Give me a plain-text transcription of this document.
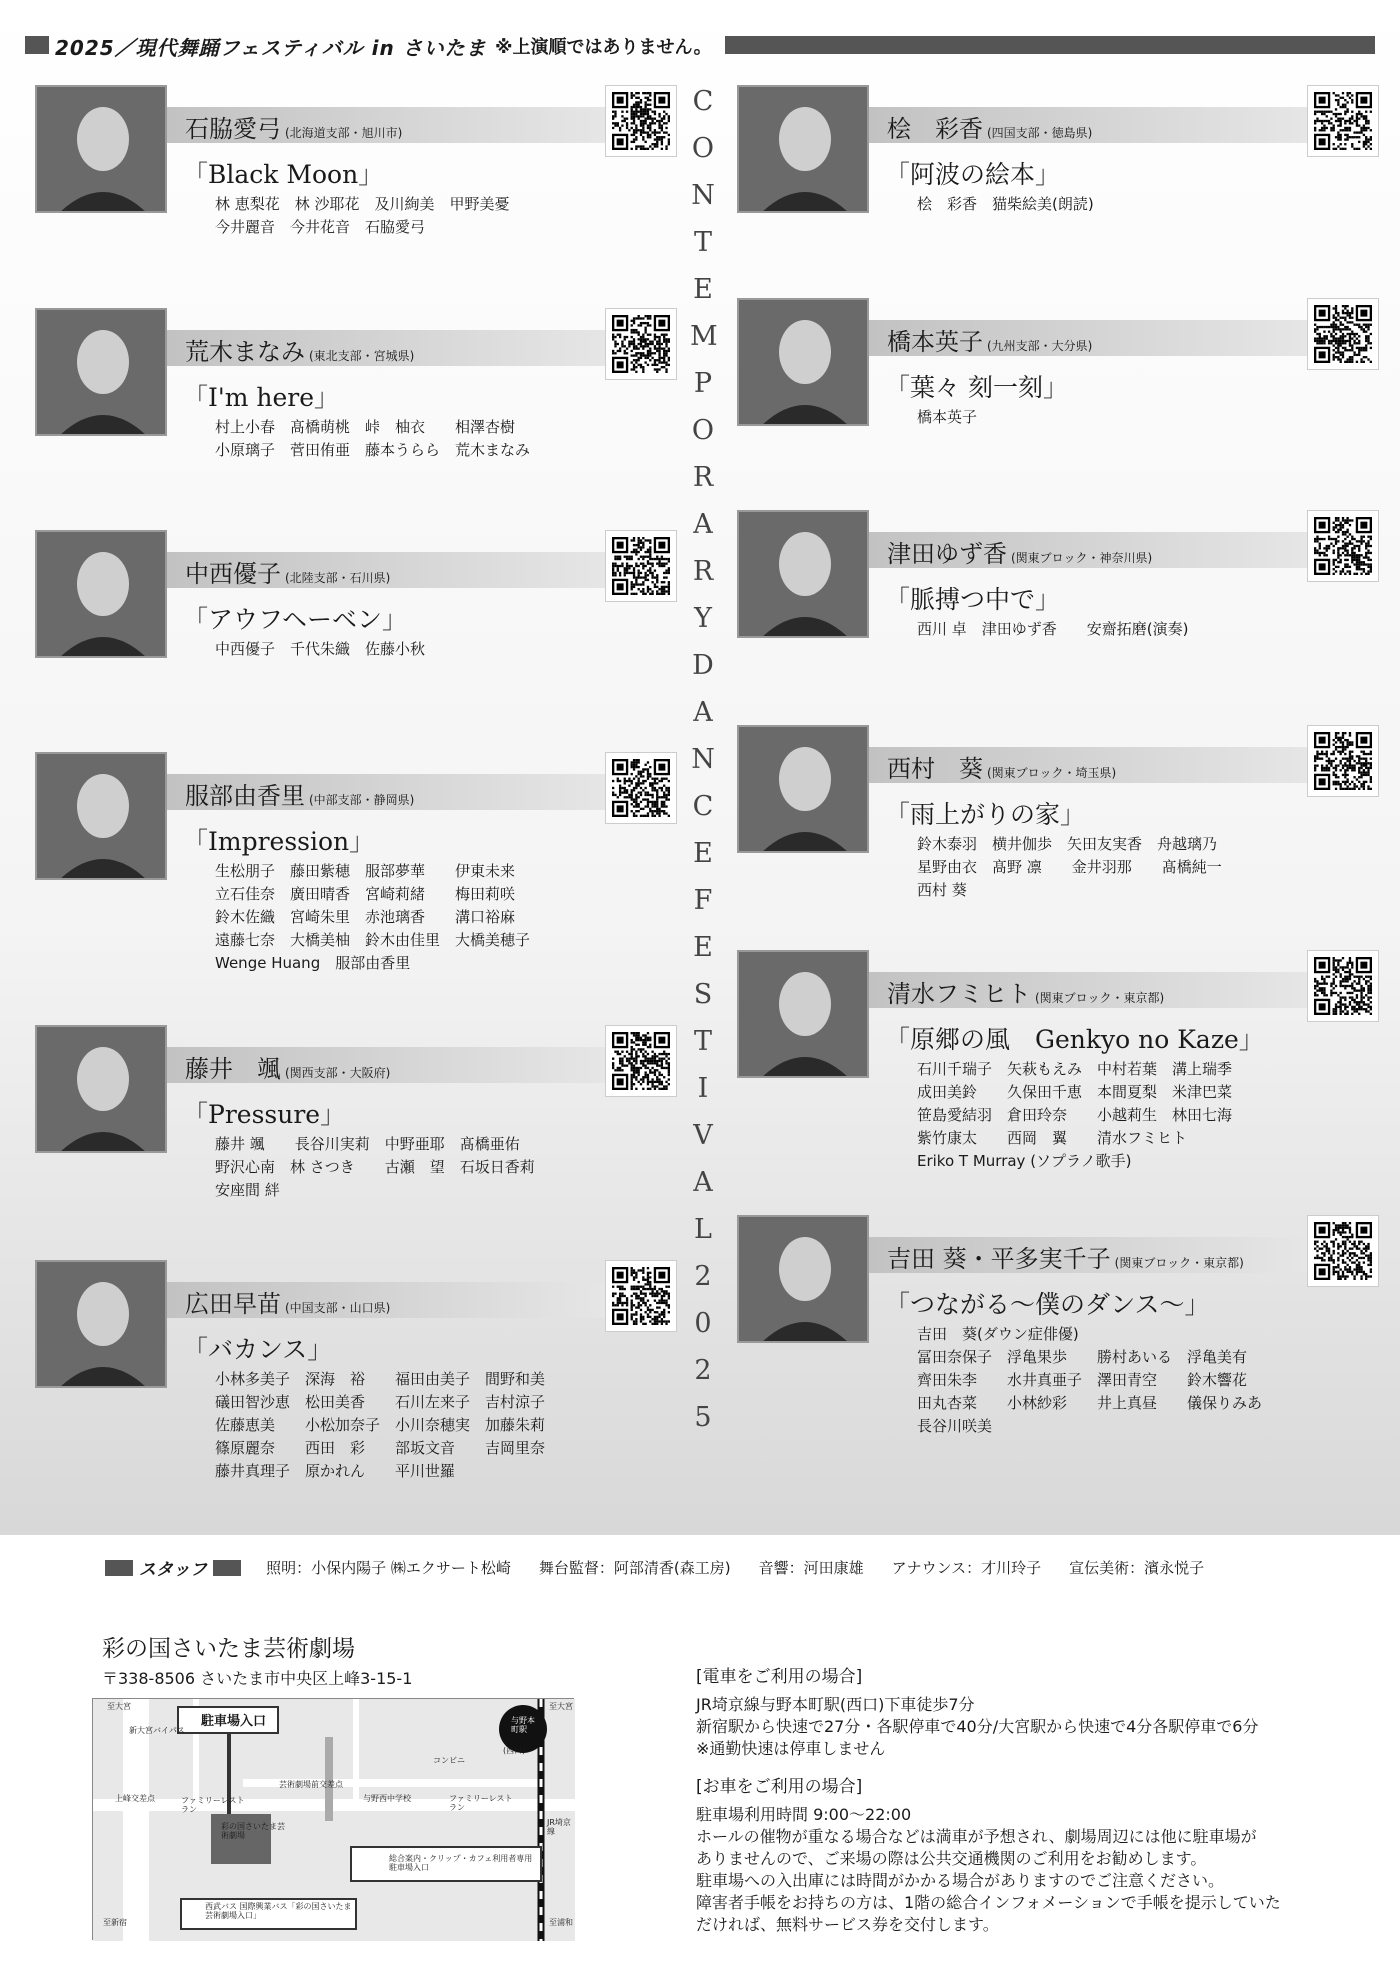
2025／現代舞踊フェスティバル in さいたま ※上演順ではありません。
C
O
N
T
E
M
P
O
R
A
R
Y
D
A
N
C
E
F
E
S
T
I
V
A
L
2
0
2
5
石脇愛弓 (北海道支部・旭川市)
「Black Moon」
林 恵梨花　林 沙耶花　及川絢美　甲野美憂
今井麗音　今井花音　石脇愛弓
荒木まなみ (東北支部・宮城県)
「I'm here」
村上小春　髙橋萌桃　峠　柚衣　　相澤杏樹
小原璃子　菅田侑亜　藤本うらら　荒木まなみ
中西優子 (北陸支部・石川県)
「アウフヘーベン」
中西優子　千代朱織　佐藤小秋
服部由香里 (中部支部・静岡県)
「Impression」
生松朋子　藤田紫穂　服部夢華　　伊東未来
立石佳奈　廣田晴香　宮崎莉緒　　梅田莉咲
鈴木佐織　宮崎朱里　赤池璃香　　溝口裕麻
遠藤七奈　大橋美柚　鈴木由佳里　大橋美穂子
Wenge Huang　服部由香里
藤井　颯 (関西支部・大阪府)
「Pressure」
藤井 颯　　長谷川実莉　中野亜耶　髙橋亜佑
野沢心南　林 さつき　　古瀬　望　石坂日香莉
安座間 絆
広田早苗 (中国支部・山口県)
「バカンス」
小林多美子　深海　裕　　福田由美子　間野和美
礒田智沙恵　松田美香　　石川左来子　吉村涼子
佐藤恵美　　小松加奈子　小川奈穂実　加藤朱莉
篠原麗奈　　西田　彩　　部坂文音　　吉岡里奈
藤井真理子　原かれん　　平川世羅
桧　彩香 (四国支部・徳島県)
「阿波の絵本」
桧　彩香　猫柴絵美(朗読)
橋本英子 (九州支部・大分県)
「葉々 刻一刻」
橋本英子
津田ゆず香 (関東ブロック・神奈川県)
「脈搏つ中で」
西川 卓　津田ゆず香　　安齋拓磨(演奏)
西村　葵 (関東ブロック・埼玉県)
「雨上がりの家」
鈴木泰羽　横井伽歩　矢田友実香　舟越璃乃
星野由衣　髙野 凛　　金井羽那　　髙橋純一
西村 葵
清水フミヒト (関東ブロック・東京都)
「原郷の風　Genkyo no Kaze」
石川千瑞子　矢萩もえみ　中村若葉　溝上瑞季
成田美鈴　　久保田千恵　本間夏梨　米津巴菜
笹島愛結羽　倉田玲奈　　小越莉生　林田七海
紫竹康太　　西岡　翼　　清水フミヒト
Eriko T Murray (ソプラノ歌手)
吉田 葵・平多実千子 (関東ブロック・東京都)
「つながる〜僕のダンス〜」
吉田　葵(ダウン症俳優)
冨田奈保子　浮亀果歩　　勝村あいる　浮亀美有
齊田朱李　　水井真亜子　澤田青空　　鈴木響花
田丸杏菜　　小林紗彩　　井上真昼　　儀保りみあ
長谷川咲美
スタッフ	照明：小保内陽子 ㈱エクサート松崎 舞台監督：阿部清香(森工房) 音響：河田康雄 アナウンス：才川玲子 宣伝美術：濱永悦子
彩の国さいたま芸術劇場
〒338-8506 さいたま市中央区上峰3-15-1
駐車場入口
至大宮
新大宮バイパス
上峰交差点	ファミリーレストラン
彩の国さいたま芸術劇場
芸術劇場前交差点
与野西中学校
コンビニ
ファミリーレストラン
与野本町駅
(西口)
至大宮
JR埼京線
至浦和
至新宿
総合案内・クリップ・カフェ利用者専用駐車場入口
西武バス 国際興業バス「彩の国さいたま芸術劇場入口」
[電車をご利用の場合]
JR埼京線与野本町駅(西口)下車徒歩7分
新宿駅から快速で27分・各駅停車で40分/大宮駅から快速で4分各駅停車で6分
※通勤快速は停車しません
[お車をご利用の場合]
駐車場利用時間 9:00〜22:00
ホールの催物が重なる場合などは満車が予想され、劇場周辺には他に駐車場が
ありませんので、ご来場の際は公共交通機関のご利用をお勧めします。
駐車場への入出庫には時間がかかる場合がありますのでご注意ください。
障害者手帳をお持ちの方は、1階の総合インフォメーションで手帳を提示していた
だければ、無料サービス券を交付します。
